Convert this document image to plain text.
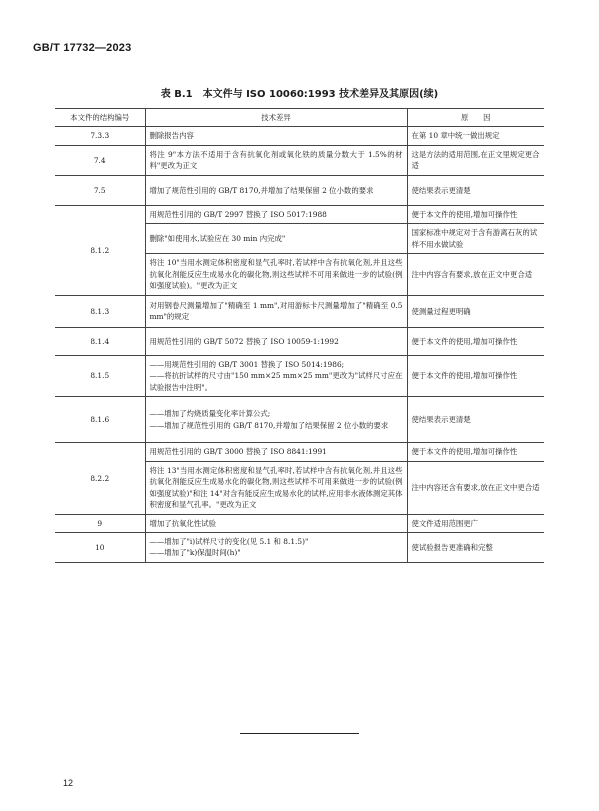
GB/T 17732—2023
表 B.1　本文件与 ISO 10060:1993 技术差异及其原因(续)
本文件的结构编号	技术差异	原　　因
7.3.3	删除报告内容	在第 10 章中统一做出规定

7.4	将注 9"本方法不适用于含有抗氧化剂或氧化铁的质量分数大于 1.5%的材料"更改为正文	这是方法的适用范围,在正文里规定更合适

7.5	增加了规范性引用的 GB/T 8170,并增加了结果保留 2 位小数的要求	使结果表示更清楚

8.1.2	用规范性引用的 GB/T 2997 替换了 ISO 5017:1988	便于本文件的使用,增加可操作性

	删除"如使用水,试验应在 30 min 内完成"	国家标准中规定对于含有游离石灰的试样不用水做试验

	将注 10"当用水测定体积密度和显气孔率时,若试样中含有抗氧化剂,并且这些抗氧化剂能反应生成易水化的碳化物,则这些试样不可用来做进一步的试验(例如强度试验)。"更改为正文	注中内容含有要求,放在正文中更合适

8.1.3	对用钢卷尺测量增加了"精确至 1 mm",对用游标卡尺测量增加了"精确至 0.5 mm"的规定	使测量过程更明确

8.1.4	用规范性引用的 GB/T 5072 替换了 ISO 10059-1:1992	便于本文件的使用,增加可操作性

8.1.5	——用规范性引用的 GB/T 3001 替换了 ISO 5014:1986;
——将抗折试样的尺寸由"150 mm×25 mm×25 mm"更改为"试样尺寸应在试验报告中注明"。	便于本文件的使用,增加可操作性

8.1.6	——增加了灼烧质量变化率计算公式;
——增加了规范性引用的 GB/T 8170,并增加了结果保留 2 位小数的要求	使结果表示更清楚

8.2.2	用规范性引用的 GB/T 3000 替换了 ISO 8841:1991	便于本文件的使用,增加可操作性

	将注 13"当用水测定体积密度和显气孔率时,若试样中含有抗氧化剂,并且这些抗氧化剂能反应生成易水化的碳化物,则这些试样不可用来做进一步的试验(例如强度试验)"和注 14"对含有能反应生成易水化的试样,应用非水液体测定其体积密度和显气孔率。"更改为正文	注中内容还含有要求,放在正文中更合适

9	增加了抗氧化性试验	使文件适用范围更广

10	——增加了"i)试样尺寸的变化(见 5.1 和 8.1.5)"
——增加了"k)保温时间(h)"	使试验报告更准确和完整
12
